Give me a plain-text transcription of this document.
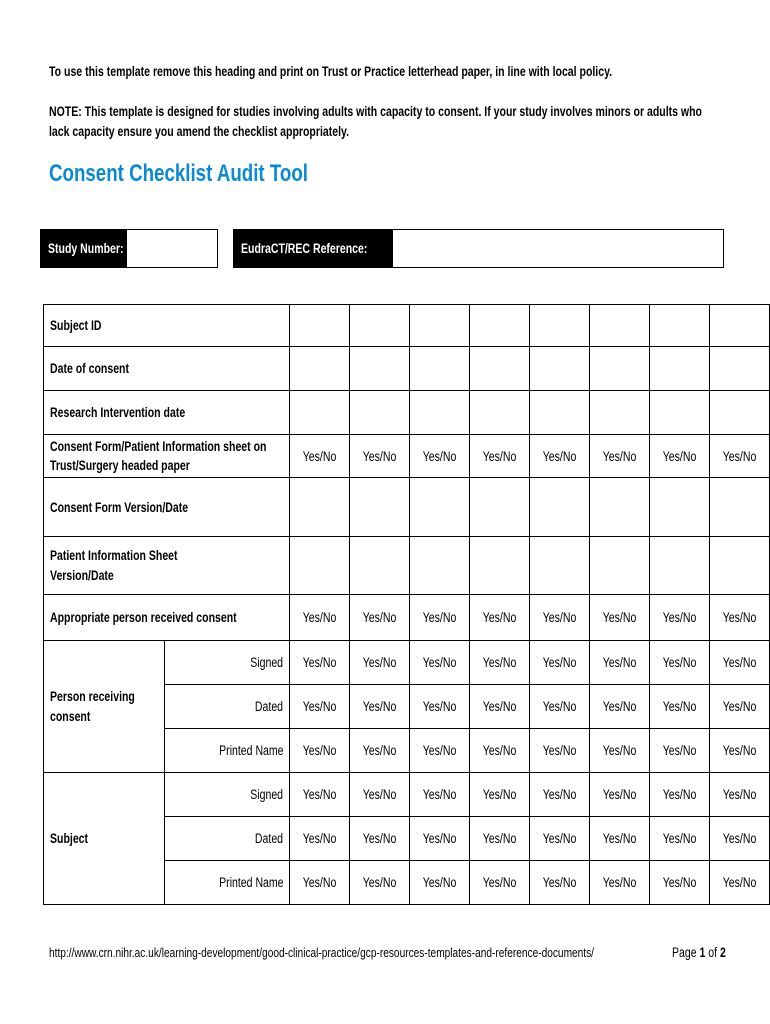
To use this template remove this heading and print on Trust or Practice letterhead paper, in line with local policy.
NOTE: This template is designed for studies involving adults with capacity to consent. If your study involves minors or adults who lack capacity ensure you amend the checklist appropriately.
Consent Checklist Audit Tool
Study Number:	EudraCT/REC Reference:
Subject ID									
Date of consent									
Research Intervention date									

Consent Form/Patient Information sheet on Trust/Surgery headed paper		Yes/No	Yes/No	Yes/No	Yes/No	Yes/No	Yes/No	Yes/No	Yes/No
Consent Form Version/Date									

Patient Information Sheet Version/Date									

Appropriate person received consent		Yes/No	Yes/No	Yes/No	Yes/No	Yes/No	Yes/No	Yes/No	Yes/No

Person receiving consent	Signed	Yes/No	Yes/No	Yes/No	Yes/No	Yes/No	Yes/No	Yes/No	Yes/No
	Dated	Yes/No	Yes/No	Yes/No	Yes/No	Yes/No	Yes/No	Yes/No	Yes/No
	Printed Name	Yes/No	Yes/No	Yes/No	Yes/No	Yes/No	Yes/No	Yes/No	Yes/No
Subject	Signed	Yes/No	Yes/No	Yes/No	Yes/No	Yes/No	Yes/No	Yes/No	Yes/No
	Dated	Yes/No	Yes/No	Yes/No	Yes/No	Yes/No	Yes/No	Yes/No	Yes/No
	Printed Name	Yes/No	Yes/No	Yes/No	Yes/No	Yes/No	Yes/No	Yes/No	Yes/No
http://www.crn.nihr.ac.uk/learning-development/good-clinical-practice/gcp-resources-templates-and-reference-documents/	Page 1 of 2
